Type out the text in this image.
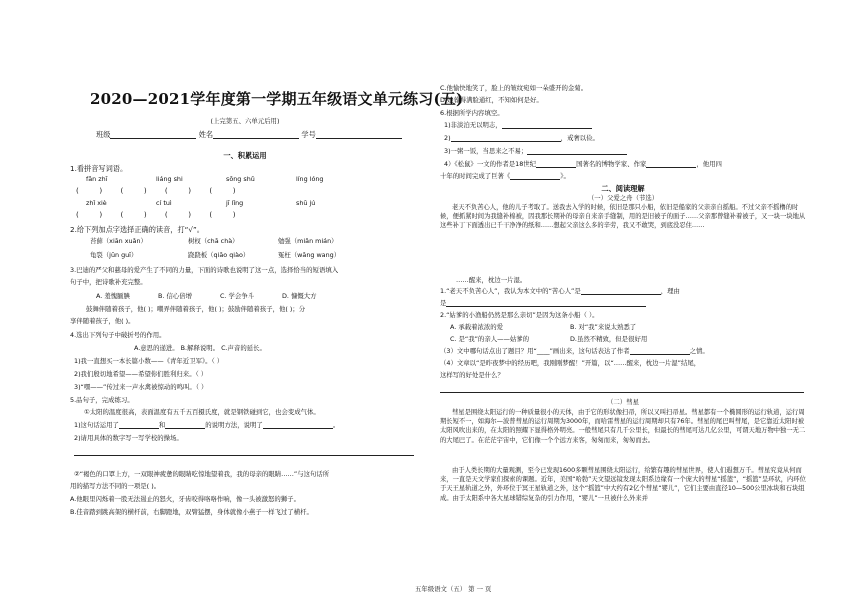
2020—2021学年度第一学期五年级语文单元练习(五)
(上完第五、六单元后用)
班级	姓名	学号
一、积累运用
1.看拼音写词语。
fān zhī	liáng shi	sōng shǔ	líng lóng
(         )        (         )        (         )        (         )
zhǐ xiè	cí tuì	jī lǐng	shū jú
(         )        (         )        (         )        (         )
2.给下列加点字选择正确的读音，打“√”。
苔藓（xiān xuǎn）	树杈（chā chà）	勉强（miǎn mián）
龟裂（jūn guī）	跷跷板（qiāo qiào）	冤枉（wāng wang）
3.巴迪的严父和慈母的爱产生了不同的力量，下面的诗歌也说明了这一点，选择恰当的短语填入
句子中，把诗歌补充完整。
A. 羞愧腼腆	B. 信心倍增	C. 学会争斗	D. 慷慨大方
鼓舞伴随着孩子，他( )；嘲弄伴随着孩子，他( )；鼓励伴随着孩子，他( )；分
享伴随着孩子，他( )。
4.选出下列句子中破折号的作用。
A.意思的递进。 B.解释说明。 C.声音的延长。
1)我一直想买一本长篇小数——《青年近卫军》。（ ）
2)我们殷切地希望——希望你们胜利归来。（ ）
3)“嘿——”传过来一声水禽被惊动的鸣叫。（ ）
5.品句子，完成练习。
①太阳的温度很高，表面温度有五千五百摄氏度，就是钢铁碰到它，也会变成气体。
1)这句话运用了	和	的说明方法，说明了	。
2)请用具体的数字写一写学校的操场。
②“褐色的口罩上方，一双眼神疲惫的眼睛吃惊地望着我，我的母亲的眼睛……”与这句话所
用的描写方法不同的一项是( )。
A.他眼里闪烁着一股无法遏止的怒火，牙齿咬得咯咯作响，像一头被激怒的狮子。
B.佳音踏到跳高架的横杆前，右脚蹬地，双臂猛摆，身体就像小燕子一样飞过了横杆。
C.他愉快地笑了，脸上的皱纹宛如一朵盛开的金菊。
D.她蓉得满脸通红，不知如何是好。
6.根据所学内容填空。
1)非淡泊无以明志，
2)	，戒奢以俭。
3)一粥一饭，当思来之不易；
4）《松鼠》一文的作者是18世纪	国著名的博物学家、作家	，他用四
十年的时间完成了巨著《	》。
二、阅读理解
（一）父爱之舟（节选）
老天不负苦心人，他的儿子考取了。送我去入学的时候，依旧是那只小船，依旧是船家的父亲亲自摇船。不过父亲不摇橹的时候，便抓紧时间为我缝补棉被，因我那长期补的母亲自来亲手缝制，用的是旧被子的面子……父亲那曾缝补着被子，又一块一块地从这些补丁下面透出已千干净净的纸和……想起父亲这么多的辛劳，我又不敢哭，到底没忍住……
……醒来，枕边一片湿。
1.“老天不负苦心人”，我认为本文中的“苦心人”是	，理由
是
2.“姑爹的小渔船仍然是那么亲切”是因为这条小船（ ）。
A. 承载着浓浓的爱	B. 对“我”来说太熟悉了
C. 是“我”的亲人——姑爹的	D.虽然不精致，但是很好用
（3）文中哪句话点出了题目？用“____”画出来，这句话表达了作者	之情。
（4）文章以“是昨夜梦中的经历吧，我刚刚梦醒！”开篇，以“……醒来，枕边一片湿”结尾，
这样写的好处是什么？
（二）彗星
彗星是围绕太阳运行的一种质量很小的天体，由于它的形状像扫帚，所以又叫扫帚星。彗星都有一个椭圆形的运行轨道，运行周期长短不一，如海尔—波普彗星的运行周期为3000年，而哈雷彗星的运行周期却只有76年。彗星的尾巴叫彗尾，是它靠近太阳时被太阳风吹出来的，在太阳的照耀下显得格外明亮。一般彗尾只有几千公里长，但最长的彗尾可达几亿公里，可谓天地万物中独一无二的大尾巴了。在茫茫宇宙中，它们像一个个远方来客，匆匆而来，匆匆而去。
由于人类长期的大量观测，至今已发现1600多颗彗星围绕太阳运行，给繁有趣的彗星世界，使人们遐想万千。彗星究竟从何而来，一直是天文学家们探索的课题。近年，美国“哈勃”天文望远镜发现太阳系边缘有一个庞大的彗星“摇篮”，“摇篮”呈环状，内环位于天王星轨道之外，外环位于冥王星轨道之外，这个“摇篮”中大约有2亿个彗星“婴儿”，它们主要由直径10—500公里冰块和石块组成。由于太阳系中各大星球错综复杂的引力作用，“婴儿”一旦被什么外来并
五年级语文（五） 第 一 页
